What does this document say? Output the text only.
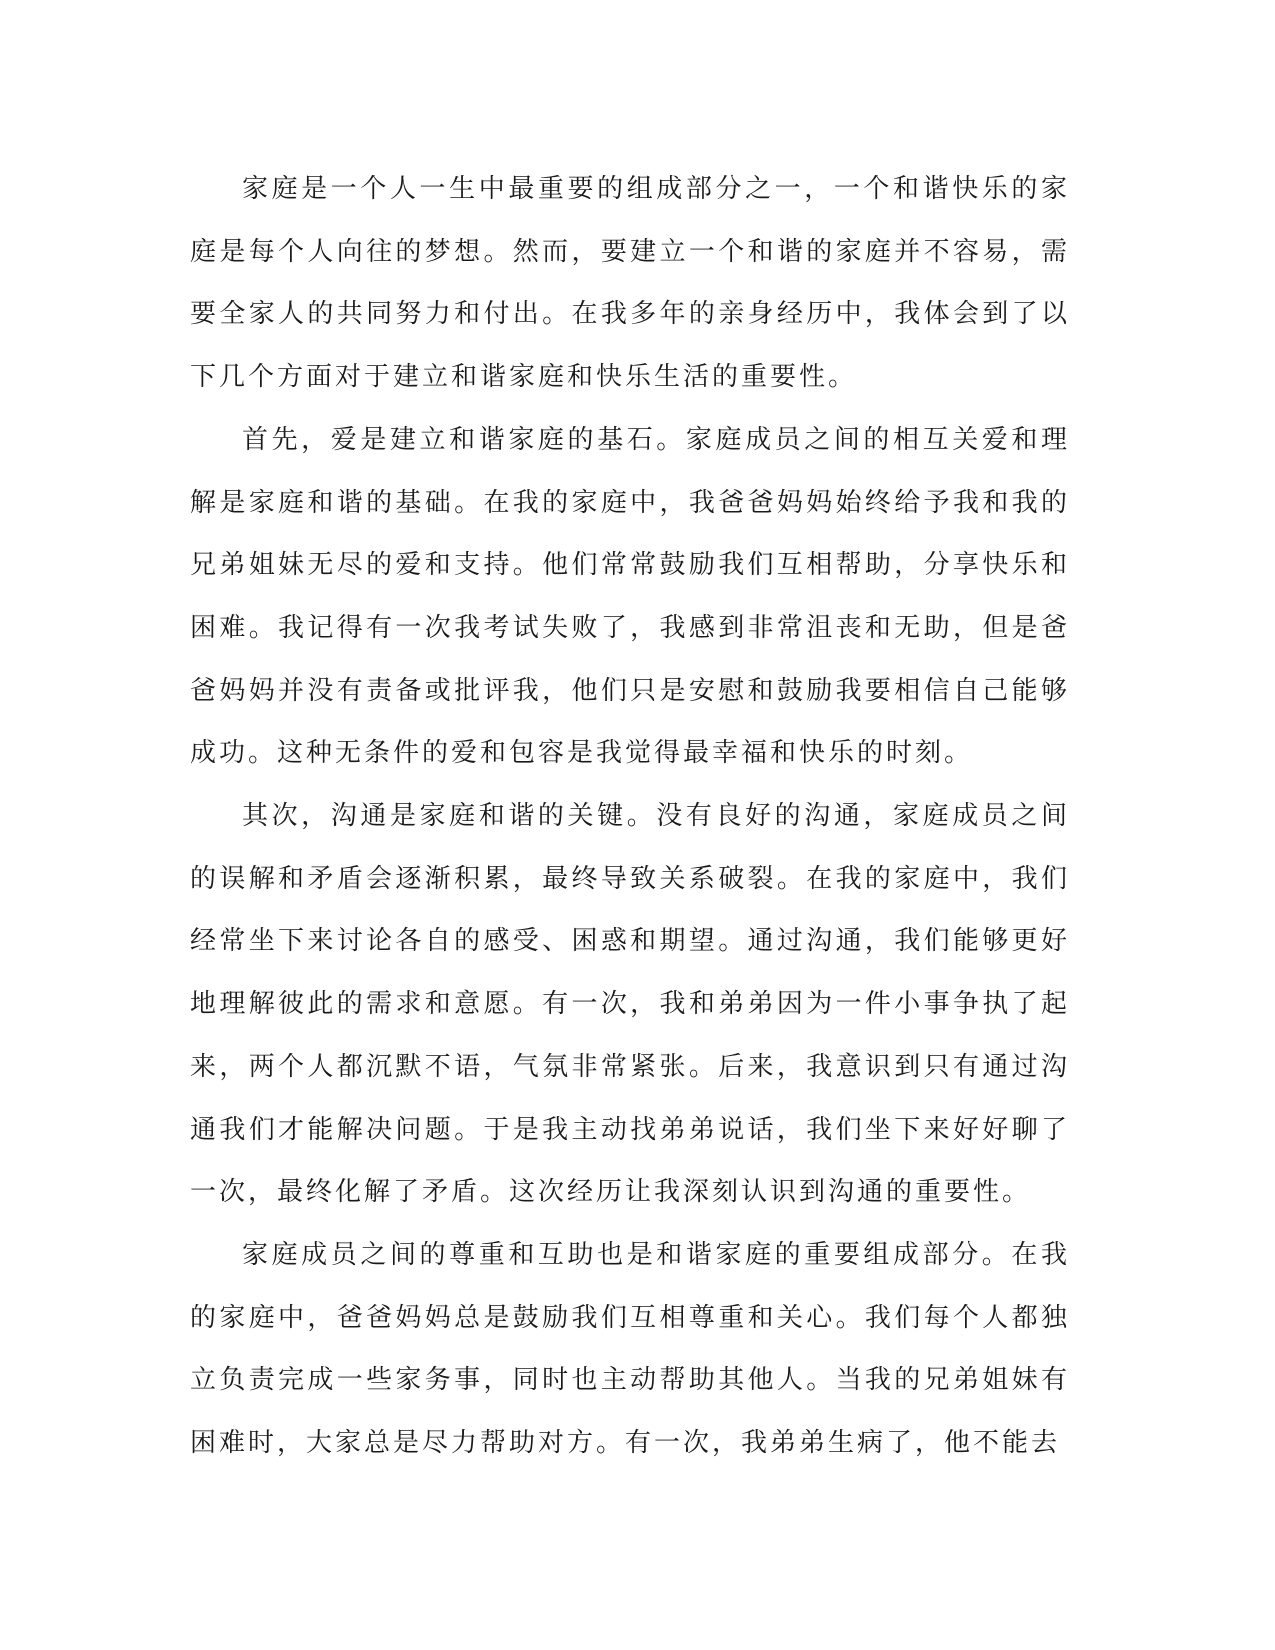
家庭是一个人一生中最重要的组成部分之一，一个和谐快乐的家庭是每个人向往的梦想。然而，要建立一个和谐的家庭并不容易，需要全家人的共同努力和付出。在我多年的亲身经历中，我体会到了以下几个方面对于建立和谐家庭和快乐生活的重要性。

首先，爱是建立和谐家庭的基石。家庭成员之间的相互关爱和理解是家庭和谐的基础。在我的家庭中，我爸爸妈妈始终给予我和我的兄弟姐妹无尽的爱和支持。他们常常鼓励我们互相帮助，分享快乐和困难。我记得有一次我考试失败了，我感到非常沮丧和无助，但是爸爸妈妈并没有责备或批评我，他们只是安慰和鼓励我要相信自己能够成功。这种无条件的爱和包容是我觉得最幸福和快乐的时刻。

其次，沟通是家庭和谐的关键。没有良好的沟通，家庭成员之间的误解和矛盾会逐渐积累，最终导致关系破裂。在我的家庭中，我们经常坐下来讨论各自的感受、困惑和期望。通过沟通，我们能够更好地理解彼此的需求和意愿。有一次，我和弟弟因为一件小事争执了起来，两个人都沉默不语，气氛非常紧张。后来，我意识到只有通过沟通我们才能解决问题。于是我主动找弟弟说话，我们坐下来好好聊了一次，最终化解了矛盾。这次经历让我深刻认识到沟通的重要性。

家庭成员之间的尊重和互助也是和谐家庭的重要组成部分。在我的家庭中，爸爸妈妈总是鼓励我们互相尊重和关心。我们每个人都独立负责完成一些家务事，同时也主动帮助其他人。当我的兄弟姐妹有困难时，大家总是尽力帮助对方。有一次，我弟弟生病了，他不能去
